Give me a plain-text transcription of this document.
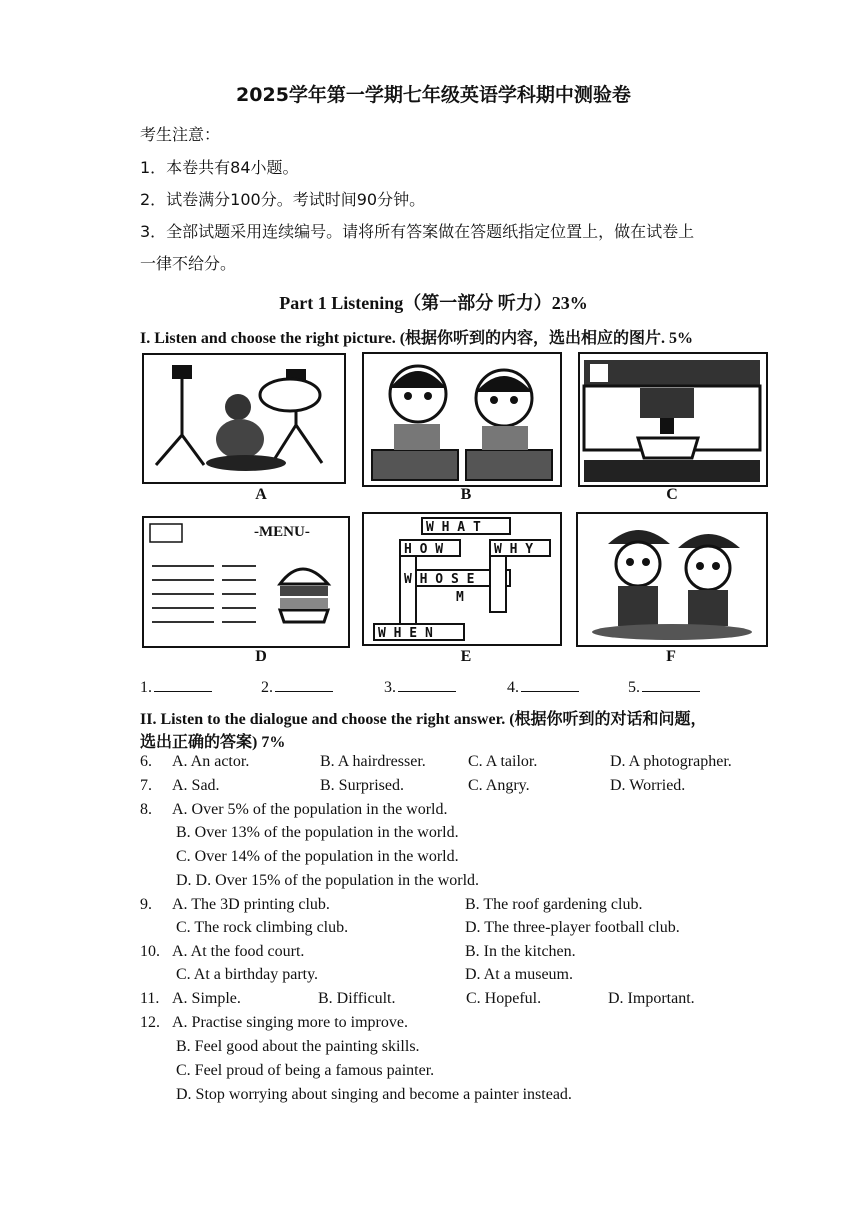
2025学年第一学期七年级英语学科期中测验卷
考生注意：
1．本卷共有84小题。
2．试卷满分100分。考试时间90分钟。
3．全部试题采用连续编号。请将所有答案做在答题纸指定位置上，做在试卷上
一律不给分。
Part 1 Listening（第一部分 听力）23%
I. Listen and choose the right picture. (根据你听到的内容，选出相应的图片. 5%
A	B	C
-MENU-
D
W H A T
H O W	W H Y
W H O S E
W H E N
M
E	F
1.	2.	3.	4.	5.
II. Listen to the dialogue and choose the right answer. (根据你听到的对话和问题，
选出正确的答案) 7%
6. A. An actor.	B. A hairdresser.	C. A tailor.	D. A photographer.
7. A. Sad.	B. Surprised.	C. Angry.	D. Worried.
8. A. Over 5% of the population in the world.
B. Over 13% of the population in the world.
C. Over 14% of the population in the world.
D. D. Over 15% of the population in the world.
9. A. The 3D printing club.	B. The roof gardening club.
C. The rock climbing club.	D. The three-player football club.
10. A. At the food court.	B. In the kitchen.
C. At a birthday party.	D. At a museum.
11. A. Simple.	B. Difficult.	C. Hopeful.	D. Important.
12. A. Practise singing more to improve.
B. Feel good about the painting skills.
C. Feel proud of being a famous painter.
D. Stop worrying about singing and become a painter instead.
